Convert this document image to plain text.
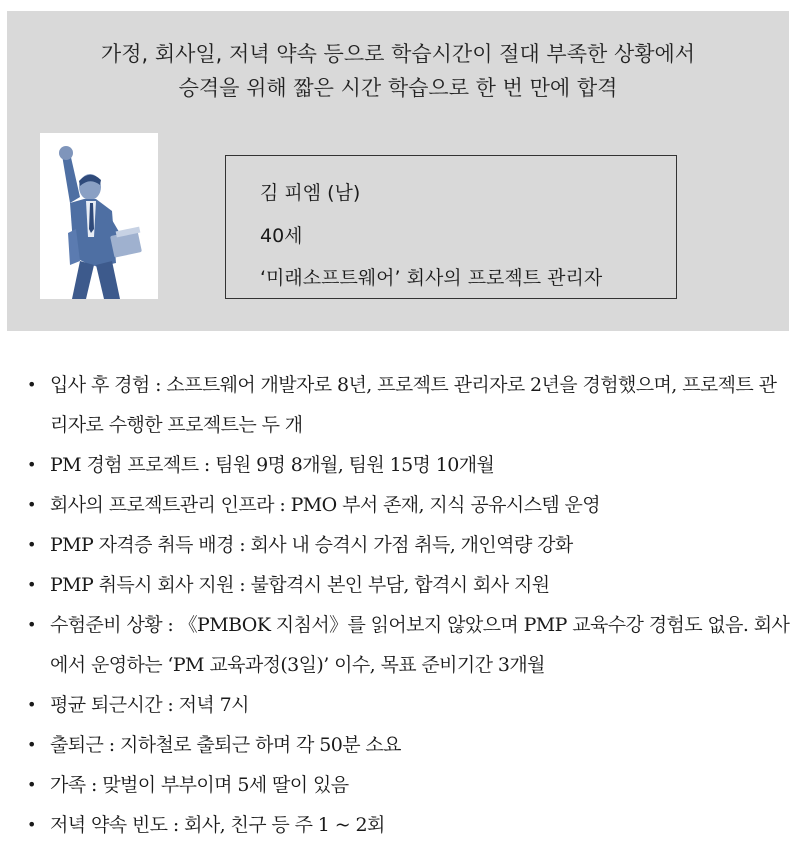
가정, 회사일, 저녁 약속 등으로 학습시간이 절대 부족한 상황에서
승격을 위해 짧은 시간 학습으로 한 번 만에 합격
김 피엠 (남)
40세
‘미래소프트웨어’ 회사의 프로젝트 관리자
• 입사 후 경험 : 소프트웨어 개발자로 8년, 프로젝트 관리자로 2년을 경험했으며, 프로젝트 관리자로 수행한 프로젝트는 두 개
• PM 경험 프로젝트 : 팀원 9명 8개월, 팀원 15명 10개월
• 회사의 프로젝트관리 인프라 : PMO 부서 존재, 지식 공유시스템 운영
• PMP 자격증 취득 배경 : 회사 내 승격시 가점 취득, 개인역량 강화
• PMP 취득시 회사 지원 : 불합격시 본인 부담, 합격시 회사 지원
• 수험준비 상황 : 《PMBOK 지침서》를 읽어보지 않았으며 PMP 교육수강 경험도 없음. 회사에서 운영하는 ‘PM 교육과정(3일)’ 이수, 목표 준비기간 3개월
• 평균 퇴근시간 : 저녁 7시
• 출퇴근 : 지하철로 출퇴근 하며 각 50분 소요
• 가족 : 맞벌이 부부이며 5세 딸이 있음
• 저녁 약속 빈도 : 회사, 친구 등 주 1 ~ 2회
